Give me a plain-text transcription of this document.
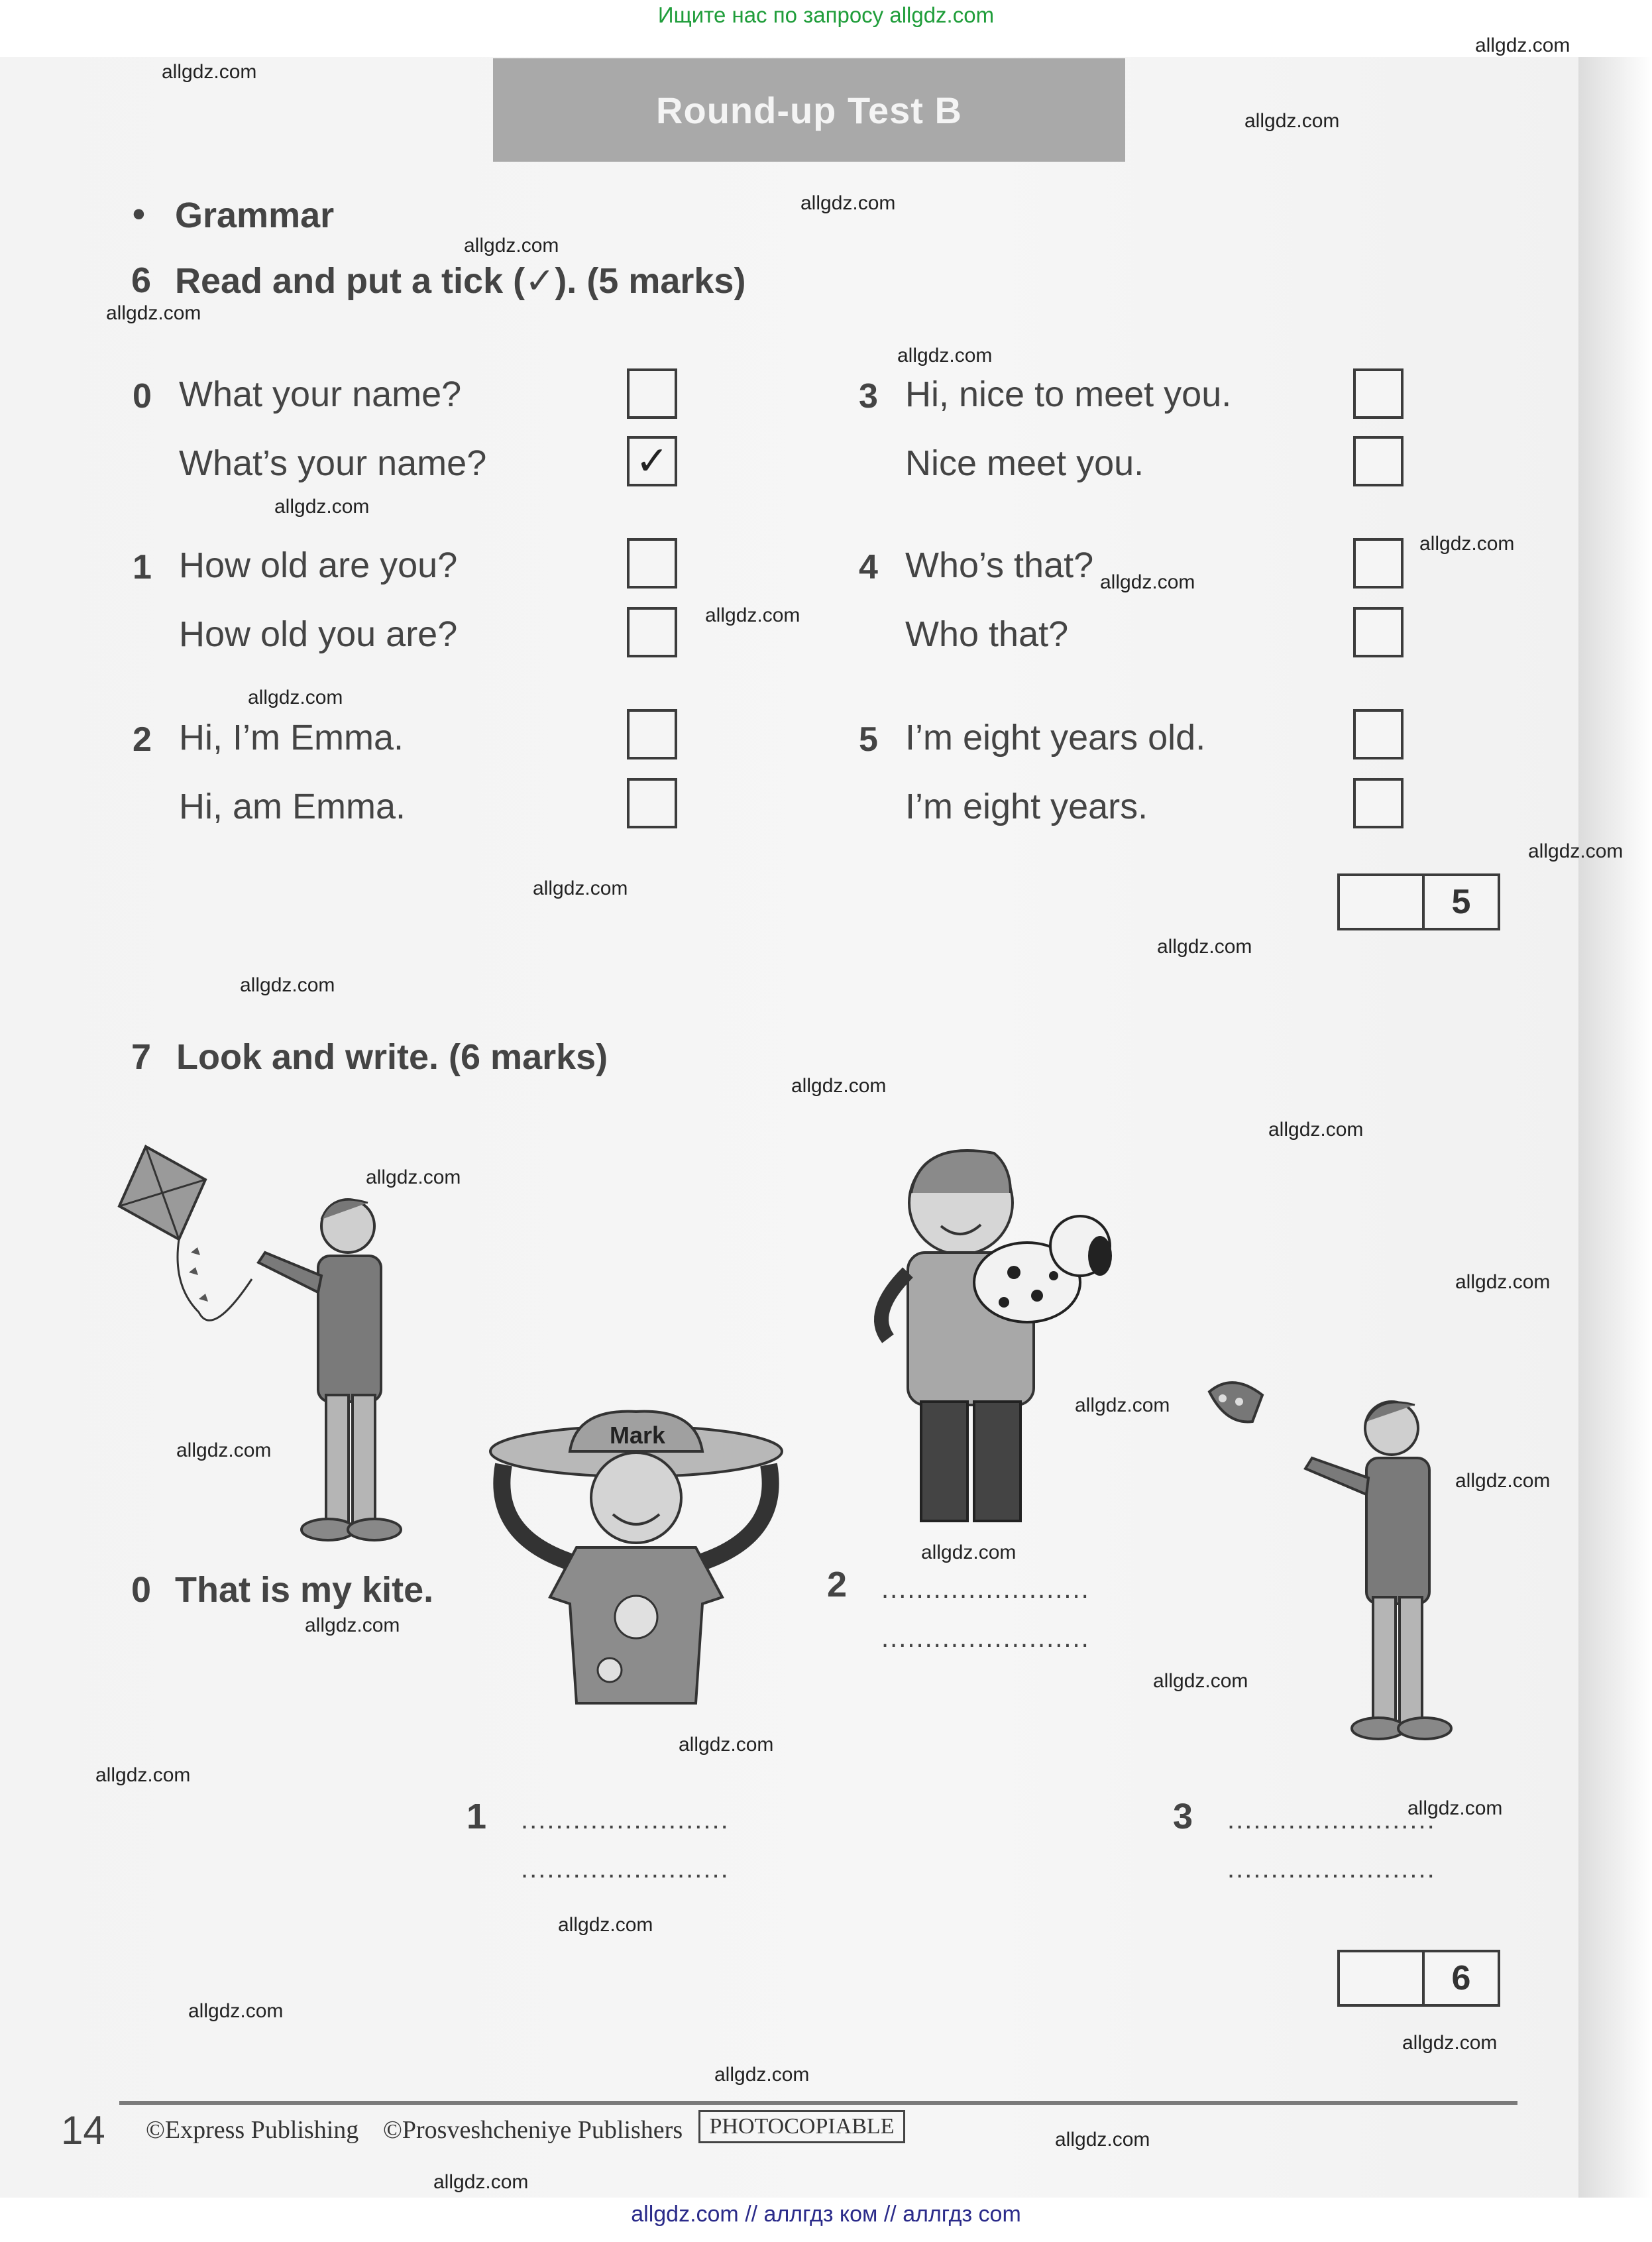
Ищите нас по запросу allgdz.com
allgdz.com
allgdz.com
allgdz.com
allgdz.com
allgdz.com
allgdz.com
allgdz.com
allgdz.com
allgdz.com
allgdz.com
allgdz.com
allgdz.com
allgdz.com
allgdz.com
allgdz.com
allgdz.com
allgdz.com
allgdz.com
allgdz.com
allgdz.com
allgdz.com
allgdz.com
allgdz.com
allgdz.com
allgdz.com
allgdz.com
allgdz.com
allgdz.com
allgdz.com
allgdz.com
allgdz.com
allgdz.com
allgdz.com
allgdz.com
allgdz.com
Round-up Test B
• Grammar
6 Read and put a tick (✓). (5 marks)
0 What your name?
What’s your name?	✓
1 How old are you?
How old you are?
2 Hi, I’m Emma.
Hi, am Emma.
3 Hi, nice to meet you.
Nice meet you.
4 Who’s that?
Who that?
5 I’m eight years old.
I’m eight years.
5
7 Look and write. (6 marks)
Mark
0 That is my kite.	2 ........................
........................
1 ........................
........................
3 ........................
........................
6
14 ©Express Publishing ©Prosveshcheniye Publishers	PHOTOCOPIABLE
allgdz.com // аллгдз ком // аллгдз com
